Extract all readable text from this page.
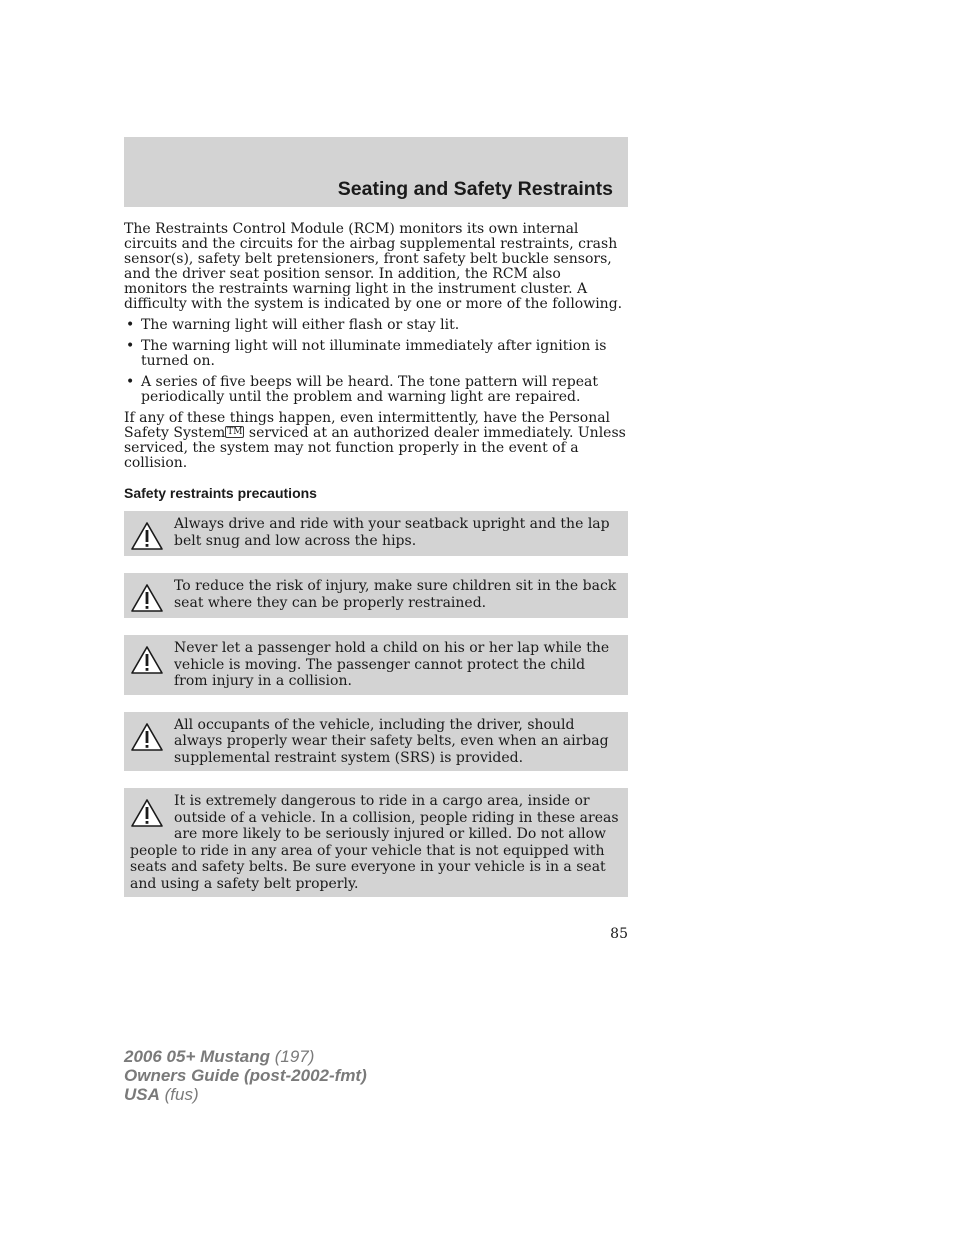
Seating and Safety Restraints

The Restraints Control Module (RCM) monitors its own internal circuits and the circuits for the airbag supplemental restraints, crash sensor(s), safety belt pretensioners, front safety belt buckle sensors, and the driver seat position sensor. In addition, the RCM also monitors the restraints warning light in the instrument cluster. A difficulty with the system is indicated by one or more of the following.

• The warning light will either flash or stay lit.
• The warning light will not illuminate immediately after ignition is turned on.
• A series of five beeps will be heard. The tone pattern will repeat periodically until the problem and warning light are repaired.

If any of these things happen, even intermittently, have the Personal Safety System ™ serviced at an authorized dealer immediately. Unless serviced, the system may not function properly in the event of a collision.

Safety restraints precautions
Always drive and ride with your seatback upright and the lap belt snug and low across the hips.
To reduce the risk of injury, make sure children sit in the back seat where they can be properly restrained.
Never let a passenger hold a child on his or her lap while the vehicle is moving. The passenger cannot protect the child from injury in a collision.
All occupants of the vehicle, including the driver, should always properly wear their safety belts, even when an airbag supplemental restraint system (SRS) is provided.
It is extremely dangerous to ride in a cargo area, inside or outside of a vehicle. In a collision, people riding in these areas are more likely to be seriously injured or killed. Do not allow people to ride in any area of your vehicle that is not equipped with seats and safety belts. Be sure everyone in your vehicle is in a seat and using a safety belt properly.
85
2006 05+ Mustang (197)
Owners Guide (post-2002-fmt)
USA (fus)
